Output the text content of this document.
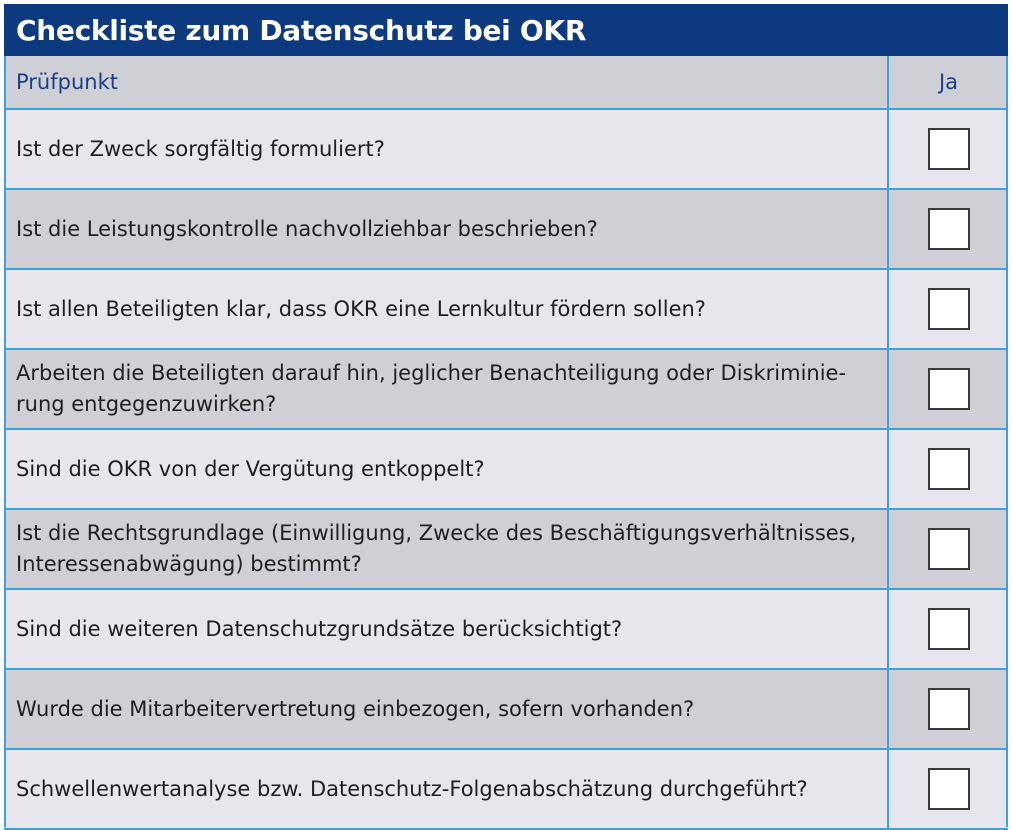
Checkliste zum Datenschutz bei OKR
Prüfpunkt	Ja
Ist der Zweck sorgfältig formuliert?
Ist die Leistungskontrolle nachvollziehbar beschrieben?
Ist allen Beteiligten klar, dass OKR eine Lernkultur fördern sollen?
Arbeiten die Beteiligten darauf hin, jeglicher Benachteiligung oder Diskriminie-
rung entgegenzuwirken?
Sind die OKR von der Vergütung entkoppelt?
Ist die Rechtsgrundlage (Einwilligung, Zwecke des Beschäftigungsverhältnisses,
Interessenabwägung) bestimmt?
Sind die weiteren Datenschutzgrundsätze berücksichtigt?
Wurde die Mitarbeitervertretung einbezogen, sofern vorhanden?
Schwellenwertanalyse bzw. Datenschutz-Folgenabschätzung durchgeführt?
